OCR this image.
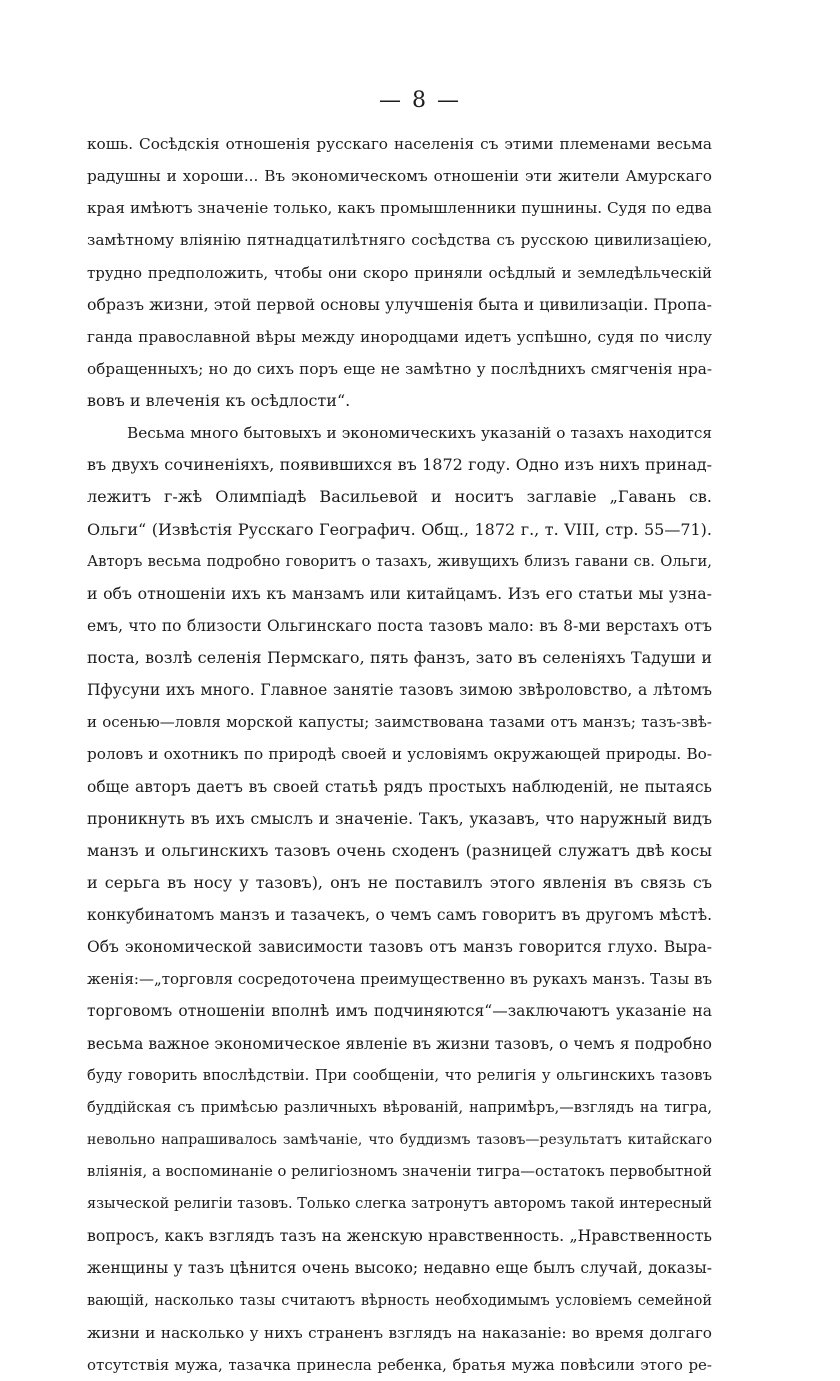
— 8 —
кошь. Сосѣдскія отношенія русскаго населенія съ этими племенами весьма
радушны и хороши... Въ экономическомъ отношеніи эти жители Амурскаго
края имѣютъ значеніе только, какъ промышленники пушнины. Судя по едва
замѣтному вліянію пятнадцатилѣтняго сосѣдства съ русскою цивилизаціею,
трудно предположить, чтобы они скоро приняли осѣдлый и земледѣльческій
образъ жизни, этой первой основы улучшенія быта и цивилизаціи. Пропа-
ганда православной вѣры между инородцами идетъ успѣшно, судя по числу
обращенныхъ; но до сихъ поръ еще не замѣтно у послѣднихъ смягченія нра-
вовъ и влеченія къ осѣдлости“.
Весьма много бытовыхъ и экономическихъ указаній о тазахъ находится
въ двухъ сочиненіяхъ, появившихся въ 1872 году. Одно изъ нихъ принад-
лежитъ г-жѣ Олимпіадѣ Васильевой и носитъ заглавіе „Гавань св.
Ольги“ (Извѣстія Русскаго Географич. Общ., 1872 г., т. VIII, стр. 55—71).
Авторъ весьма подробно говоритъ о тазахъ, живущихъ близъ гавани св. Ольги,
и объ отношеніи ихъ къ манзамъ или китайцамъ. Изъ его статьи мы узна-
емъ, что по близости Ольгинскаго поста тазовъ мало: въ 8-ми верстахъ отъ
поста, возлѣ селенія Пермскаго, пять фанзъ, зато въ селеніяхъ Тадуши и
Пфусуни ихъ много. Главное занятіе тазовъ зимою звѣроловство, а лѣтомъ
и осенью—ловля морской капусты; заимствована тазами отъ манзъ; тазъ-звѣ-
роловъ и охотникъ по природѣ своей и условіямъ окружающей природы. Во-
обще авторъ даетъ въ своей статьѣ рядъ простыхъ наблюденій, не пытаясь
проникнуть въ ихъ смыслъ и значеніе. Такъ, указавъ, что наружный видъ
манзъ и ольгинскихъ тазовъ очень сходенъ (разницей служатъ двѣ косы
и серьга въ носу у тазовъ), онъ не поставилъ этого явленія въ связь съ
конкубинатомъ манзъ и тазачекъ, о чемъ самъ говоритъ въ другомъ мѣстѣ.
Объ экономической зависимости тазовъ отъ манзъ говорится глухо. Выра-
женія:—„торговля сосредоточена преимущественно въ рукахъ манзъ. Тазы въ
торговомъ отношеніи вполнѣ имъ подчиняются“—заключаютъ указаніе на
весьма важное экономическое явленіе въ жизни тазовъ, о чемъ я подробно
буду говорить впослѣдствіи. При сообщеніи, что религія у ольгинскихъ тазовъ
буддійская съ примѣсью различныхъ вѣрованій, напримѣръ,—взглядъ на тигра,
невольно напрашивалось замѣчаніе, что буддизмъ тазовъ—результатъ китайскаго
вліянія, а воспоминаніе о религіозномъ значеніи тигра—остатокъ первобытной
языческой религіи тазовъ. Только слегка затронутъ авторомъ такой интересный
вопросъ, какъ взглядъ тазъ на женскую нравственность. „Нравственность
женщины у тазъ цѣнится очень высоко; недавно еще былъ случай, доказы-
вающій, насколько тазы считаютъ вѣрность необходимымъ условіемъ семейной
жизни и насколько у нихъ страненъ взглядъ на наказаніе: во время долгаго
отсутствія мужа, тазачка принесла ребенка, братья мужа повѣсили этого ре-
